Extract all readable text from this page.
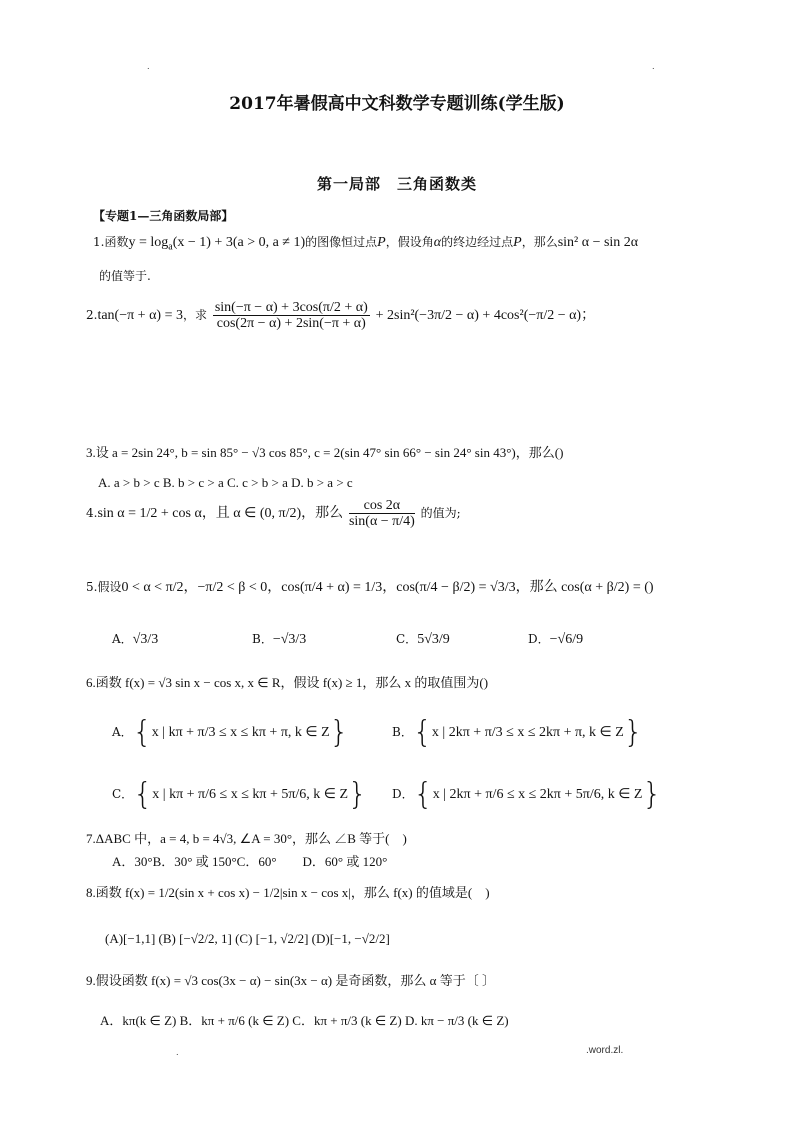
.	.
2017年暑假高中文科数学专题训练(学生版)
第一局部　三角函数类
【专题1—三角函数局部】
1.函数$y = \log_a(x - 1) + 3(a > 0$, a ≠ 1)的图像恒过点P，假设角α的终边经过点P，那么sin² α − sin 2α
的值等于.
2.tan(−π + α) = 3，求 $\frac{\sin(-\pi - \alpha) + 3\cos(\pi/2 + \alpha)}{\cos(2\pi - \alpha) + 2\sin(-\pi + \alpha)} + 2\sin^2(-3\pi/2 - \alpha) + 4\cos^2(-\pi/2 - \alpha)$；
3.设 a = 2sin 24°, b = sin 85° − √3 cos 85°, c = 2(sin 47° sin 66° − sin 24° sin 43°)，那么()
A. a > b > c B. b > c > a C. c > b > a D. b > a > c
4.sin α = 1/2 + cos α，且 α ∈ (0, π/2)，那么 $\frac{\cos 2\alpha}{\sin(\alpha - \pi/4)}$ 的值为;
5.假设0 < α < π/2，−π/2 < β < 0，cos(π/4 + α) = 1/3，cos(π/4 − β/2) = √3/3，那么 cos(α + β/2) = ()
A．√3/3	B．−√3/3	C．5√3/9	D．−√6/9
6.函数 f(x) = √3 sin x − cos x, x ∈ R，假设 f(x) ≥ 1，那么 x 的取值围为()
A．{x | kπ + π/3 ≤ x ≤ kπ + π, k ∈ Z}	B．{x | 2kπ + π/3 ≤ x ≤ 2kπ + π, k ∈ Z}
C．{x | kπ + π/6 ≤ x ≤ kπ + 5π/6, k ∈ Z} D．{x | 2kπ + π/6 ≤ x ≤ 2kπ + 5π/6, k ∈ Z}
7.ΔABC 中，a = 4, b = 4√3, ∠A = 30°，那么 ∠B 等于(　)
A．30°B．30° 或 150°C．60°　　D．60° 或 120°
8.函数 f(x) = 1/2(sin x + cos x) − 1/2|sin x − cos x|，那么 f(x) 的值域是(　)
(A)[−1,1] (B) [−√2/2, 1] (C) [−1, √2/2] (D)[−1, −√2/2]
9.假设函数 f(x) = √3 cos(3x − α) − sin(3x − α) 是奇函数，那么 α 等于〔 〕
A．kπ(k ∈ Z) B．kπ + π/6 (k ∈ Z) C．kπ + π/3 (k ∈ Z) D. kπ − π/3 (k ∈ Z)
.	.word.zl.
